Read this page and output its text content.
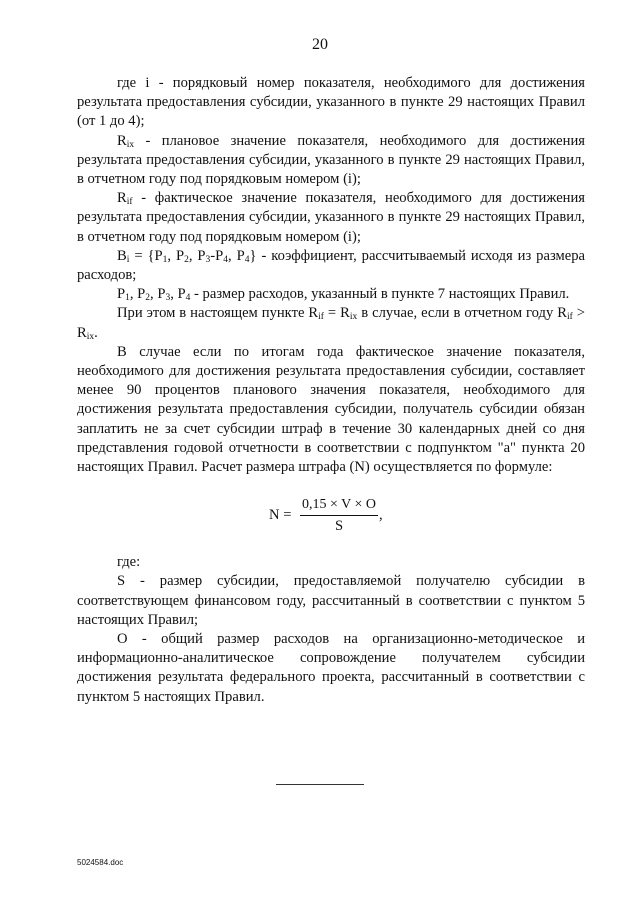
20

где i - порядковый номер показателя, необходимого для достижения результата предоставления субсидии, указанного в пункте 29 настоящих Правил (от 1 до 4);

$R_{ix}$ - плановое значение показателя, необходимого для достижения результата предоставления субсидии, указанного в пункте 29 настоящих Правил, в отчетном году под порядковым номером (i);

$R_{if}$ - фактическое значение показателя, необходимого для достижения результата предоставления субсидии, указанного в пункте 29 настоящих Правил, в отчетном году под порядковым номером (i);

$B_i = \{P_1$, $P_2$, $P_3-P_4$, $P_4$} - коэффициент, рассчитываемый исходя из размера расходов;

$P_1$, $P_2$, $P_3$, $P_4$ - размер расходов, указанный в пункте 7 настоящих Правил.

При этом в настоящем пункте $R_{if} = R_{ix}$ в случае, если в отчетном году $R_{if} > R_{ix}$.

В случае если по итогам года фактическое значение показателя, необходимого для достижения результата предоставления субсидии, составляет менее 90 процентов планового значения показателя, необходимого для достижения результата предоставления субсидии, получатель субсидии обязан заплатить не за счет субсидии штраф в течение 30 календарных дней со дня представления годовой отчетности в соответствии с подпунктом "а" пункта 20 настоящих Правил. Расчет размера штрафа (N) осуществляется по формуле:

$N = \frac{0,15 \times V \times O}{S}$ ,

где:

S - размер субсидии, предоставляемой получателю субсидии в соответствующем финансовом году, рассчитанный в соответствии с пунктом 5 настоящих Правил;

О - общий размер расходов на организационно-методическое и информационно-аналитическое сопровождение получателем субсидии достижения результата федерального проекта, рассчитанный в соответствии с пунктом 5 настоящих Правил.

5024584.doc
